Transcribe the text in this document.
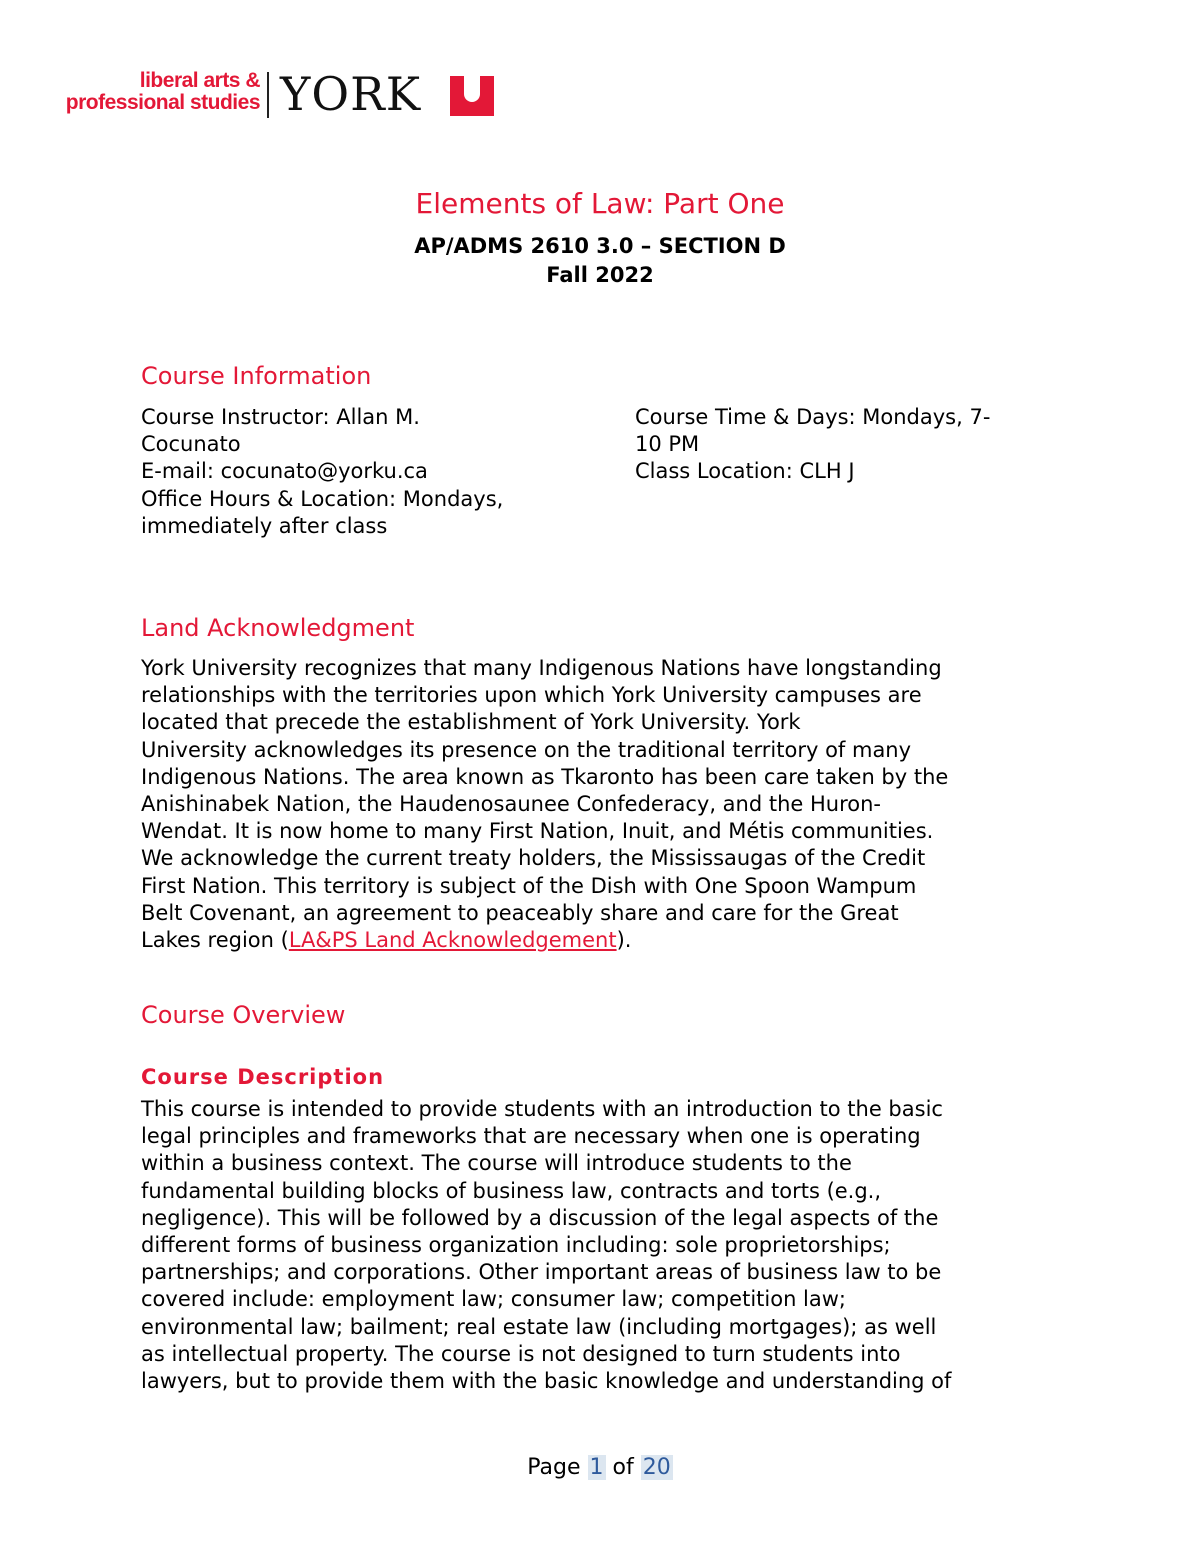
liberal arts &
professional studies YORK
Elements of Law: Part One
AP/ADMS 2610 3.0 – SECTION D
Fall 2022
Course Information
Course Instructor: Allan M.
Cocunato
E-mail: cocunato@yorku.ca
Office Hours & Location: Mondays,
immediately after class
Course Time & Days: Mondays, 7-
10 PM
Class Location: CLH J
Land Acknowledgment
York University recognizes that many Indigenous Nations have longstanding
relationships with the territories upon which York University campuses are
located that precede the establishment of York University. York
University acknowledges its presence on the traditional territory of many
Indigenous Nations. The area known as Tkaronto has been care taken by the
Anishinabek Nation, the Haudenosaunee Confederacy, and the Huron-
Wendat. It is now home to many First Nation, Inuit, and Métis communities.
We acknowledge the current treaty holders, the Mississaugas of the Credit
First Nation. This territory is subject of the Dish with One Spoon Wampum
Belt Covenant, an agreement to peaceably share and care for the Great
Lakes region (LA&PS Land Acknowledgement).
Course Overview
Course Description
This course is intended to provide students with an introduction to the basic
legal principles and frameworks that are necessary when one is operating
within a business context. The course will introduce students to the
fundamental building blocks of business law, contracts and torts (e.g.,
negligence). This will be followed by a discussion of the legal aspects of the
different forms of business organization including: sole proprietorships;
partnerships; and corporations. Other important areas of business law to be
covered include: employment law; consumer law; competition law;
environmental law; bailment; real estate law (including mortgages); as well
as intellectual property. The course is not designed to turn students into
lawyers, but to provide them with the basic knowledge and understanding of
Page 1 of 20
